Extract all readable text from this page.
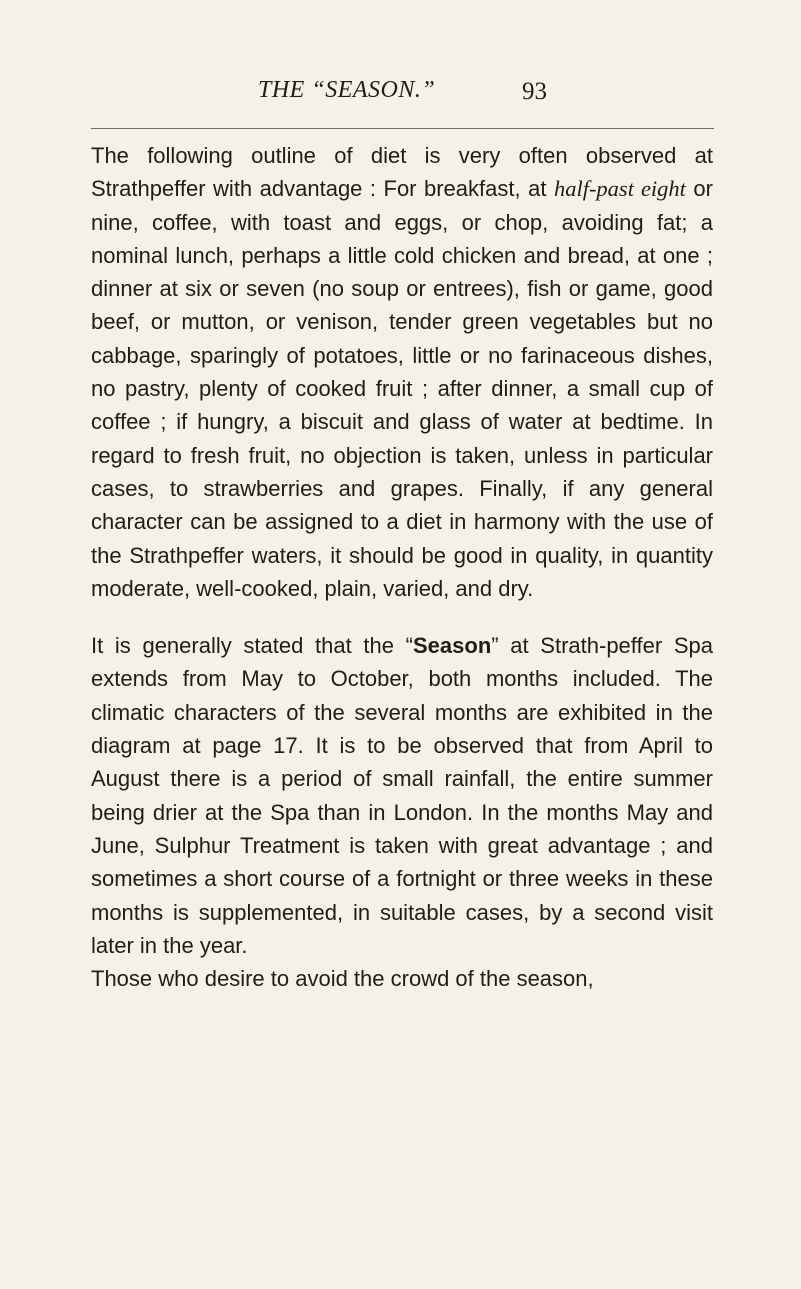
THE “SEASON.”	93

The following outline of diet is very often observed at Strathpeffer with advantage : For breakfast, at half-past eight or nine, coffee, with toast and eggs, or chop, avoiding fat; a nominal lunch, perhaps a little cold chicken and bread, at one ; dinner at six or seven (no soup or entrees), fish or game, good beef, or mutton, or venison, tender green vegetables but no cabbage, sparingly of potatoes, little or no farinaceous dishes, no pastry, plenty of cooked fruit ; after dinner, a small cup of coffee ; if hungry, a biscuit and glass of water at bedtime. In regard to fresh fruit, no objection is taken, unless in particular cases, to strawberries and grapes. Finally, if any general character can be assigned to a diet in harmony with the use of the Strathpeffer waters, it should be good in quality, in quantity moderate, well-cooked, plain, varied, and dry.

It is generally stated that the “Season” at Strath-peffer Spa extends from May to October, both months included. The climatic characters of the several months are exhibited in the diagram at page 17. It is to be observed that from April to August there is a period of small rainfall, the entire summer being drier at the Spa than in London. In the months May and June, Sulphur Treatment is taken with great advantage ; and sometimes a short course of a fortnight or three weeks in these months is supplemented, in suitable cases, by a second visit later in the year.

Those who desire to avoid the crowd of the season,
